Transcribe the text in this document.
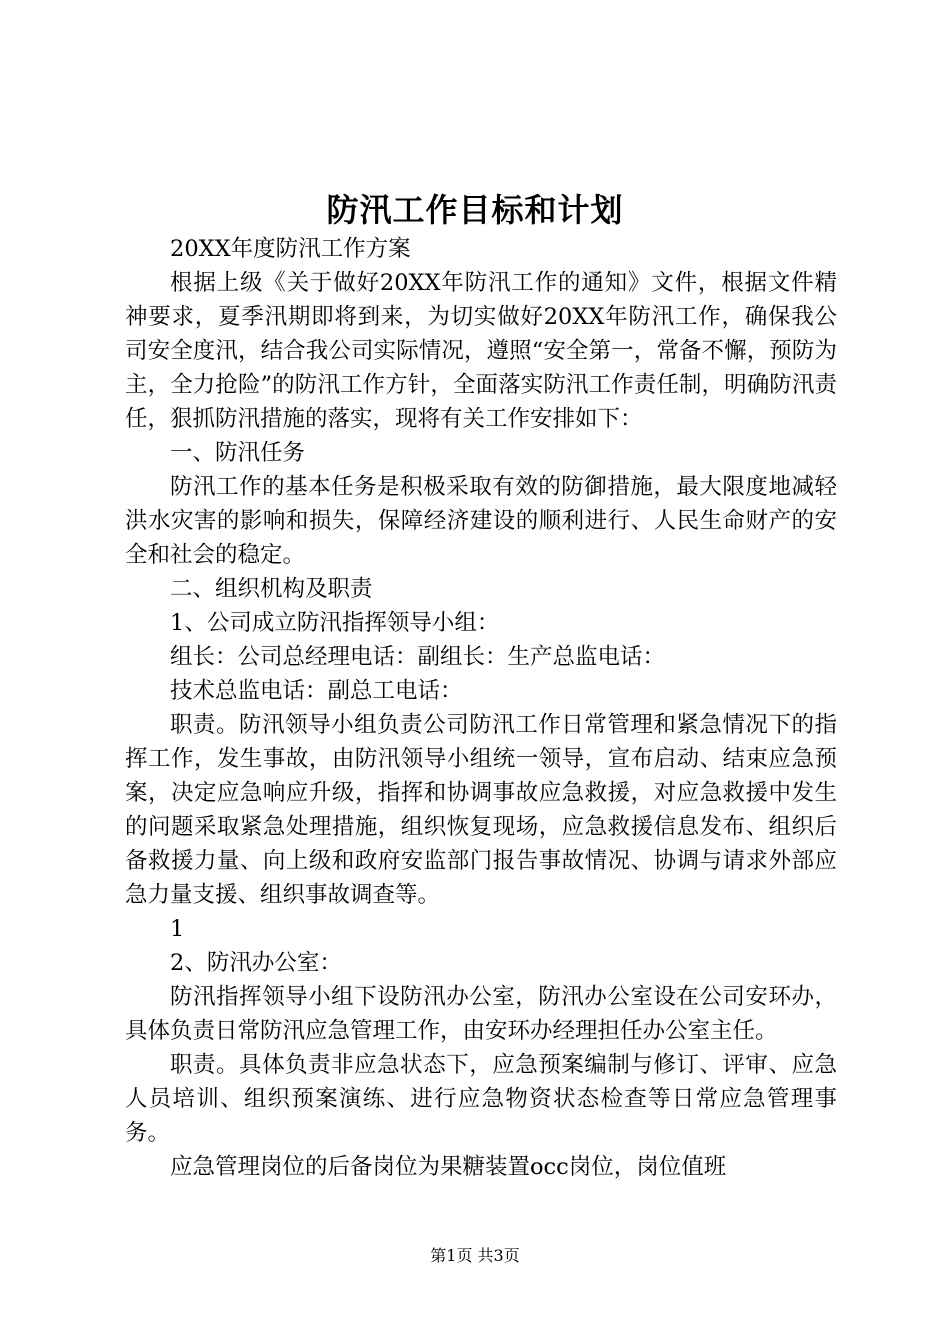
防汛工作目标和计划

20XX年度防汛工作方案

根据上级《关于做好20XX年防汛工作的通知》文件，根据文件精神要求，夏季汛期即将到来，为切实做好20XX年防汛工作，确保我公司安全度汛，结合我公司实际情况，遵照“安全第一，常备不懈，预防为主，全力抢险”的防汛工作方针，全面落实防汛工作责任制，明确防汛责任，狠抓防汛措施的落实，现将有关工作安排如下：

一、防汛任务

防汛工作的基本任务是积极采取有效的防御措施，最大限度地减轻洪水灾害的影响和损失，保障经济建设的顺利进行、人民生命财产的安全和社会的稳定。

二、组织机构及职责

1、公司成立防汛指挥领导小组：

组长：公司总经理电话：副组长：生产总监电话：

技术总监电话：副总工电话：

职责。防汛领导小组负责公司防汛工作日常管理和紧急情况下的指挥工作，发生事故，由防汛领导小组统一领导，宣布启动、结束应急预案，决定应急响应升级，指挥和协调事故应急救援，对应急救援中发生的问题采取紧急处理措施，组织恢复现场，应急救援信息发布、组织后备救援力量、向上级和政府安监部门报告事故情况、协调与请求外部应急力量支援、组织事故调查等。

1

2、防汛办公室：

防汛指挥领导小组下设防汛办公室，防汛办公室设在公司安环办，具体负责日常防汛应急管理工作，由安环办经理担任办公室主任。

职责。具体负责非应急状态下，应急预案编制与修订、评审、应急人员培训、组织预案演练、进行应急物资状态检查等日常应急管理事务。

应急管理岗位的后备岗位为果糖装置occ岗位，岗位值班

第1页 共3页
